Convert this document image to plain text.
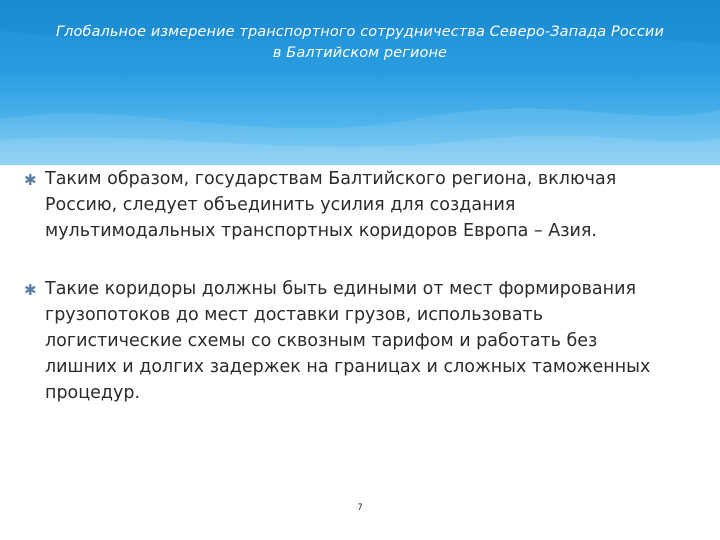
Глобальное измерение транспортного сотрудничества Северо-Запада России
в Балтийском регионе
✱ Таким образом, государствам Балтийского региона, включая
Россию, следует объединить усилия для создания
мультимодальных транспортных коридоров Европа – Азия.
✱ Такие коридоры должны быть едиными от мест формирования
грузопотоков до мест доставки грузов, использовать
логистические схемы со сквозным тарифом и работать без
лишних и долгих задержек на границах и сложных таможенных
процедур.
7
